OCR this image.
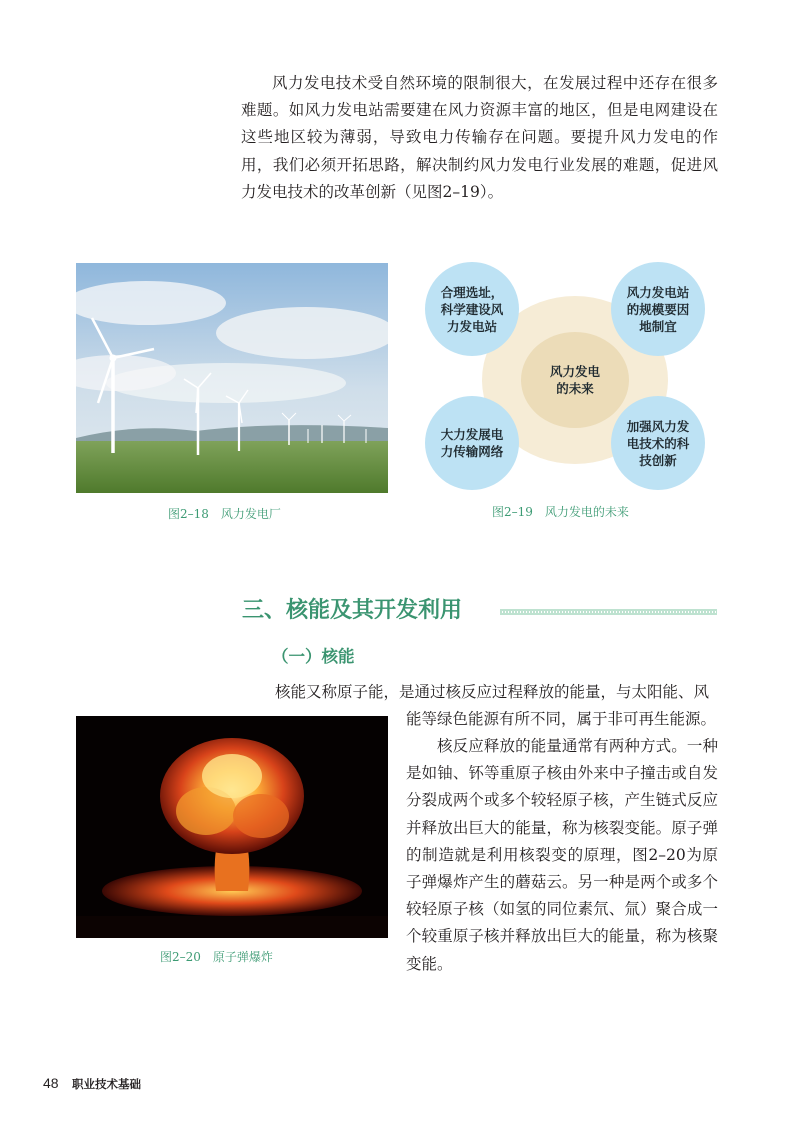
风力发电技术受自然环境的限制很大，在发展过程中还存在很多难题。如风力发电站需要建在风力资源丰富的地区，但是电网建设在这些地区较为薄弱，导致电力传输存在问题。要提升风力发电的作用，我们必须开拓思路，解决制约风力发电行业发展的难题，促进风力发电技术的改革创新（见图2–19）。

风力发电
的未来
合理选址，
科学建设风
力发电站
风力发电站
的规模要因
地制宜
大力发展电
力传输网络
加强风力发
电技术的科
技创新
图2–18　风力发电厂	图2–19　风力发电的未来
三、核能及其开发利用
（一）核能
核能又称原子能，是通过核反应过程释放的能量，与太阳能、风
图2–20　原子弹爆炸

能等绿色能源有所不同，属于非可再生能源。

核反应释放的能量通常有两种方式。一种是如铀、钚等重原子核由外来中子撞击或自发分裂成两个或多个较轻原子核，产生链式反应并释放出巨大的能量，称为核裂变能。原子弹的制造就是利用核裂变的原理，图2–20为原子弹爆炸产生的蘑菇云。另一种是两个或多个较轻原子核（如氢的同位素氘、氚）聚合成一个较重原子核并释放出巨大的能量，称为核聚变能。

48 职业技术基础
